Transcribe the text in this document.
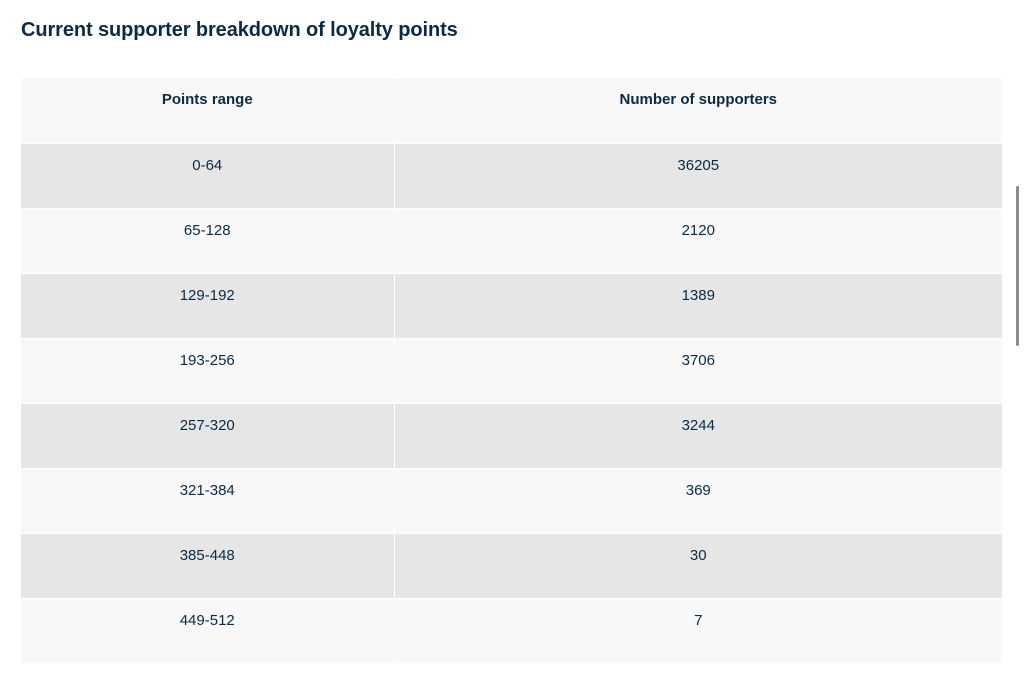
Current supporter breakdown of loyalty points
Points range	Number of supporters
0-64	36205
65-128	2120
129-192	1389
193-256	3706
257-320	3244
321-384	369
385-448	30
449-512	7
